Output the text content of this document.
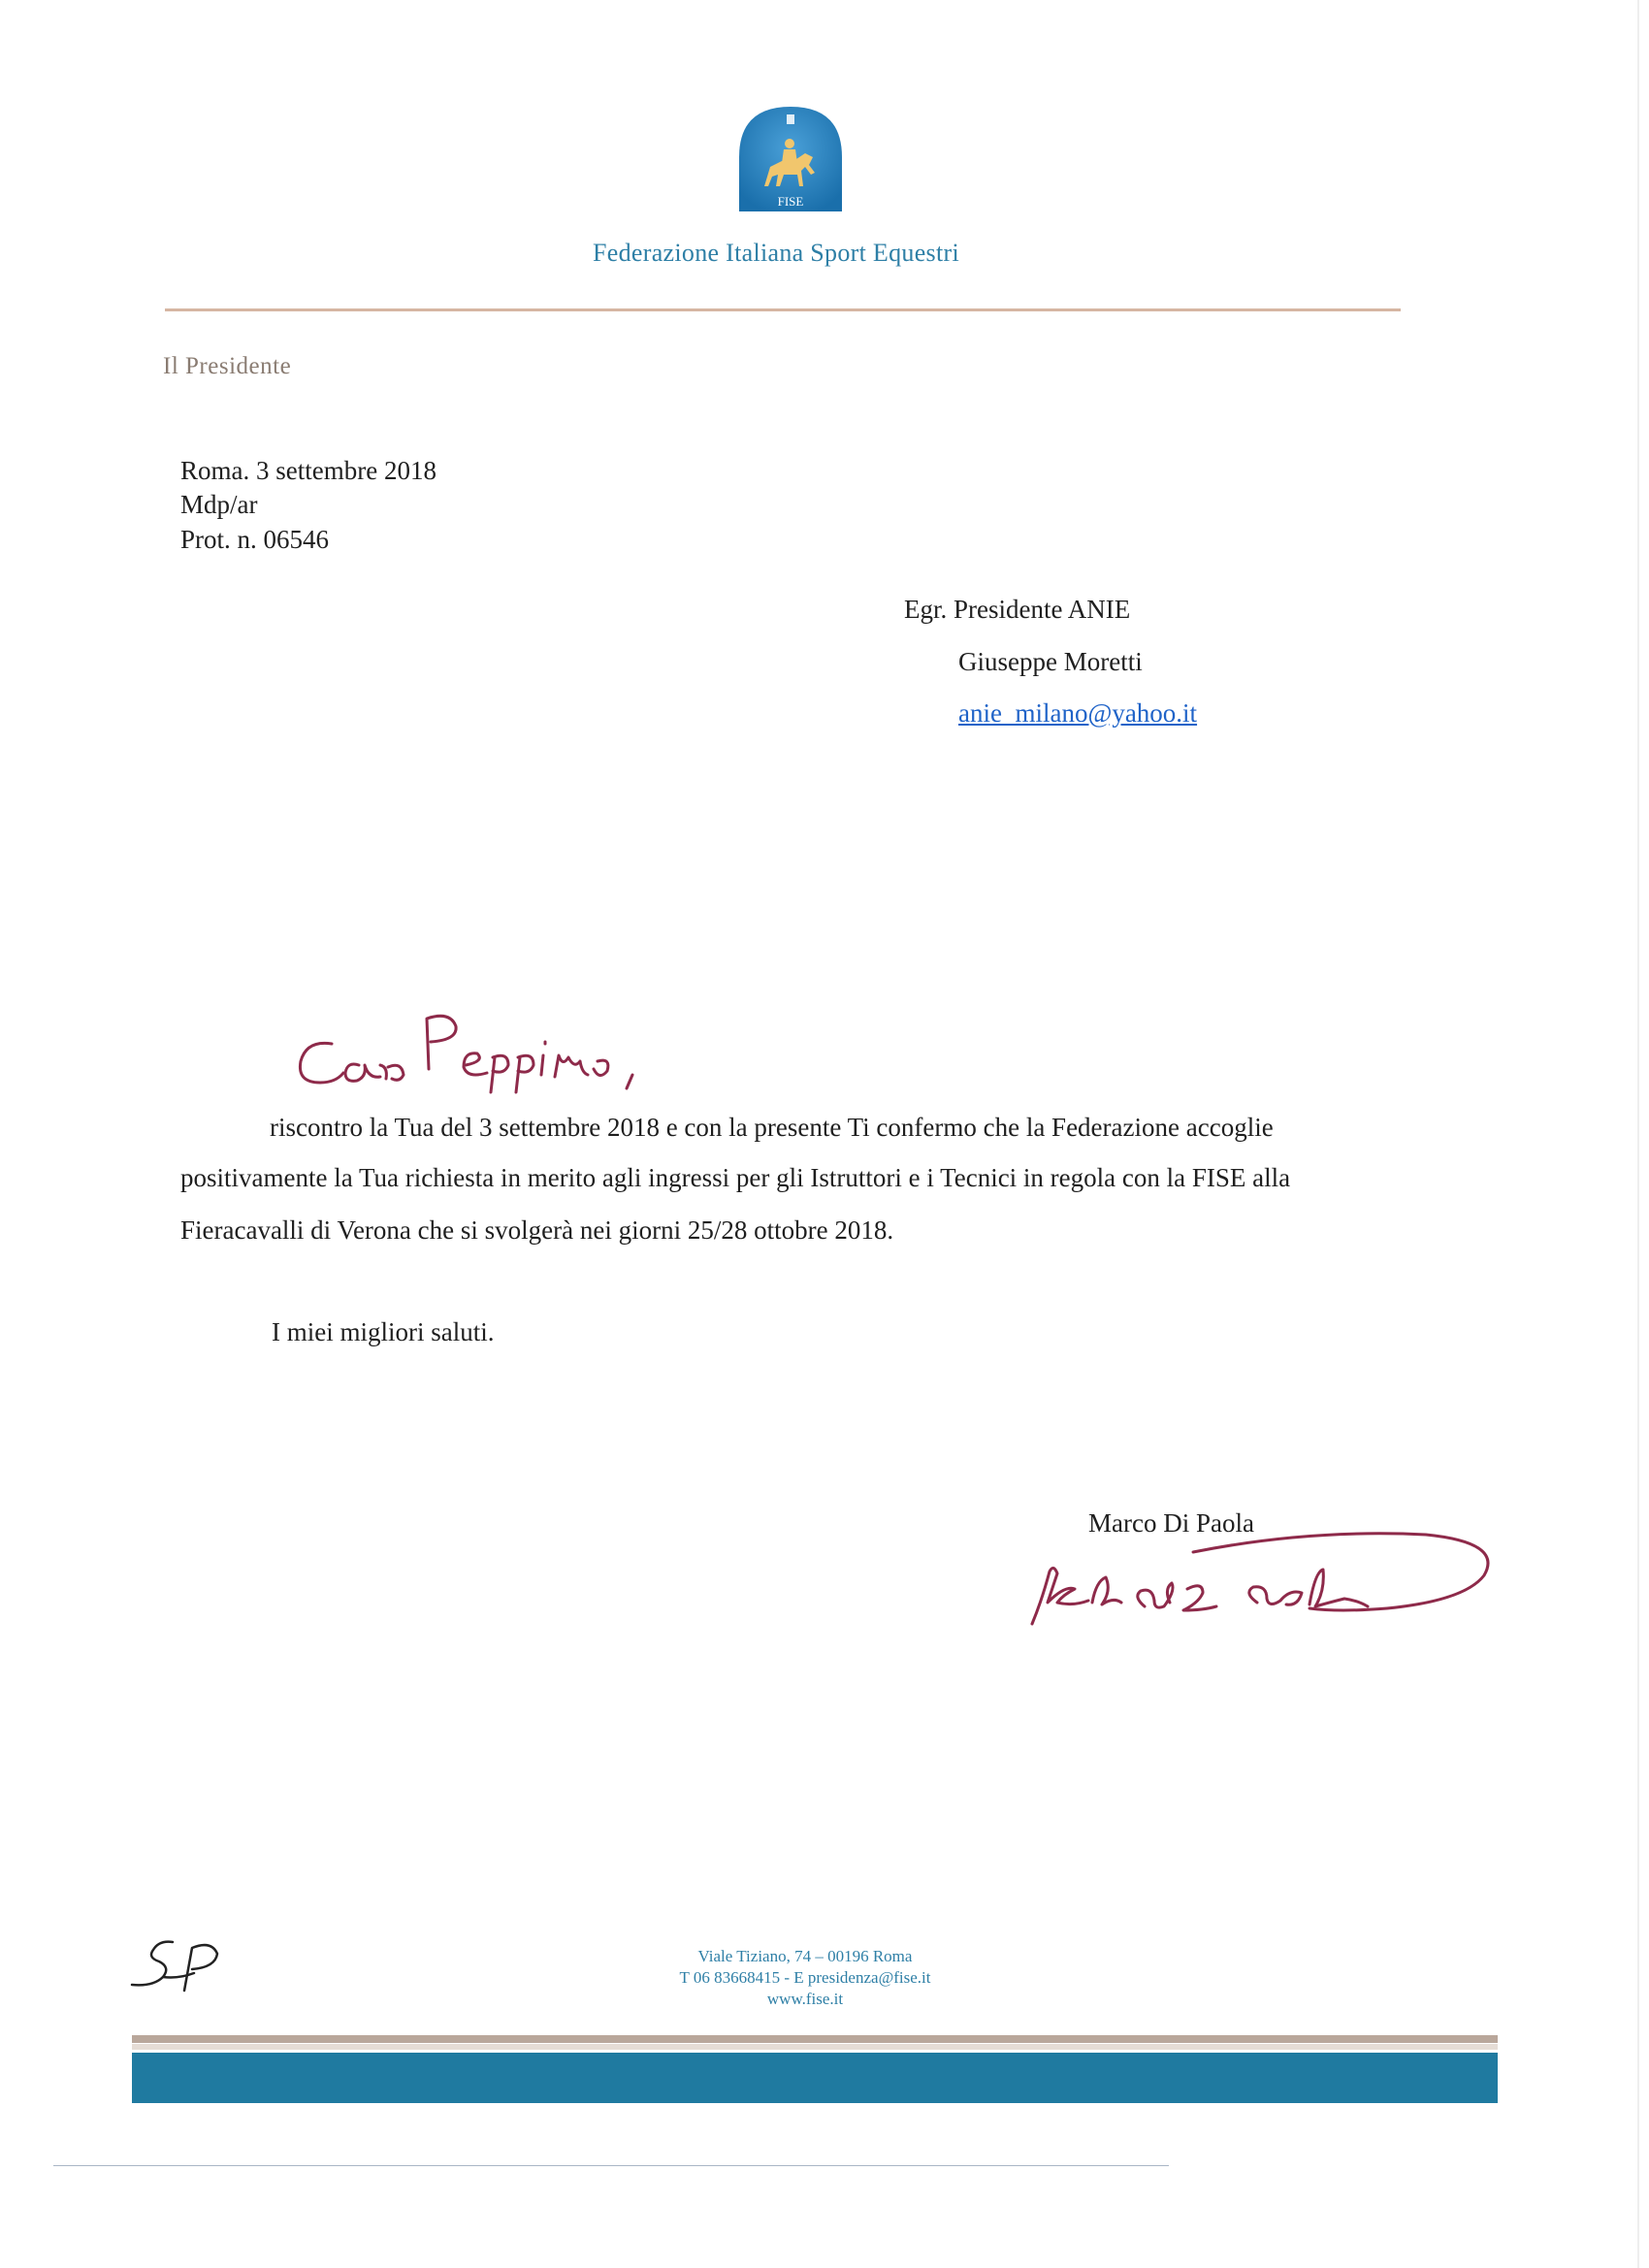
FISE
Federazione Italiana Sport Equestri
Il Presidente
Roma. 3 settembre 2018
Mdp/ar
Prot. n. 06546
Egr. Presidente ANIE
Giuseppe Moretti
anie_milano@yahoo.it
riscontro la Tua del 3 settembre 2018 e con la presente Ti confermo che la Federazione accoglie
positivamente la Tua richiesta in merito agli ingressi per gli Istruttori e i Tecnici in regola con la FISE alla
Fieracavalli di Verona che si svolgerà nei giorni 25/28 ottobre 2018.
I miei migliori saluti.
Marco Di Paola
Viale Tiziano, 74 – 00196 Roma
T 06 83668415 - E presidenza@fise.it
www.fise.it
